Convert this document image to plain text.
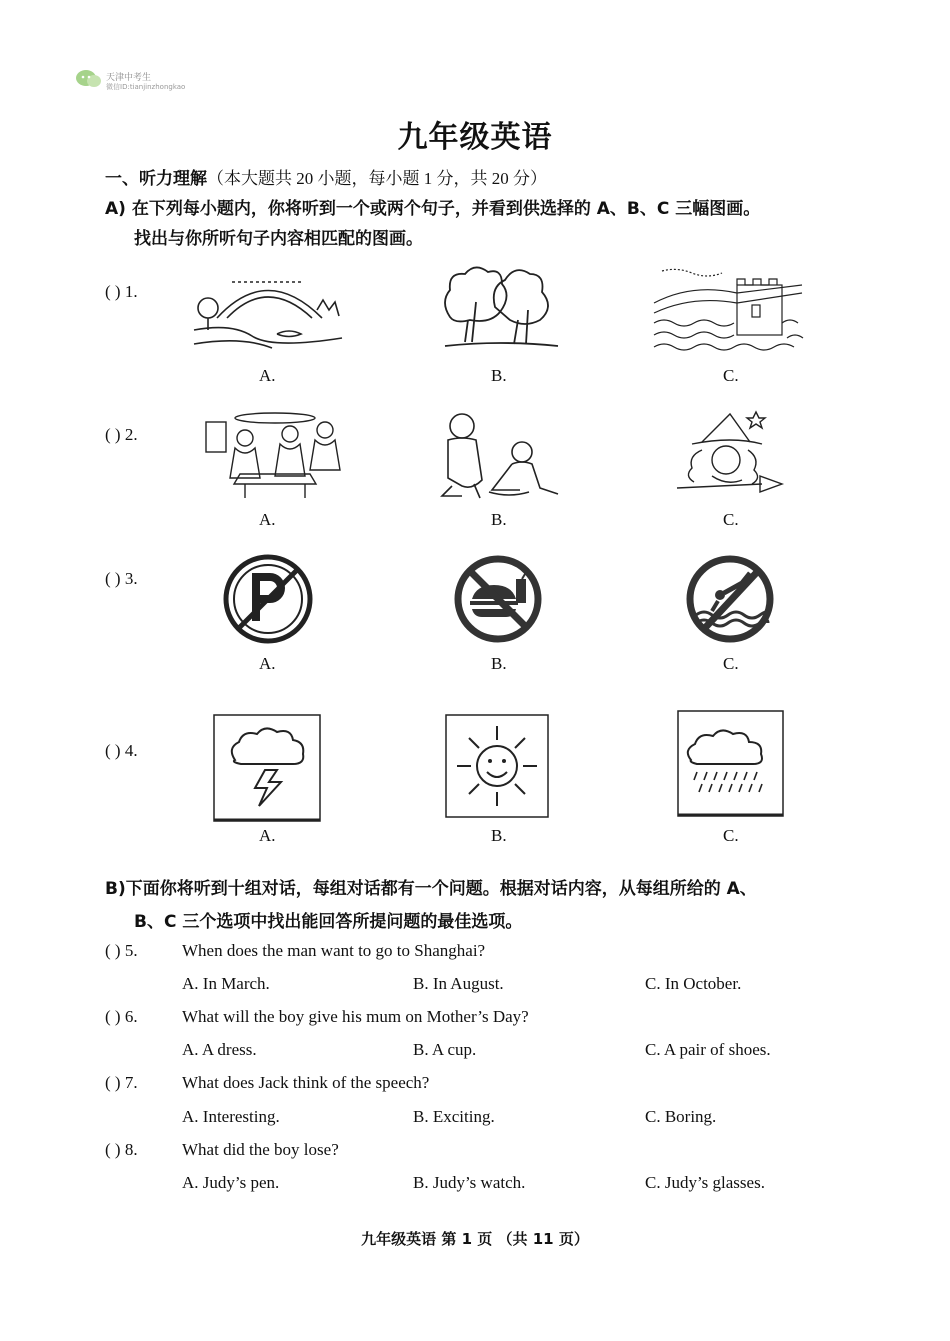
天津中考生
微信ID:tianjinzhongkao
九年级英语
一、听力理解（本大题共 20 小题，每小题 1 分，共 20 分）
A) 在下列每小题内，你将听到一个或两个句子，并看到供选择的 A、B、C 三幅图画。
找出与你所听句子内容相匹配的图画。
( ) 1.
A.	B.	C.
( ) 2.
A.	B.	C.
( ) 3.
A.	B.	C.
( ) 4.
A.	B.	C.
B)下面你将听到十组对话，每组对话都有一个问题。根据对话内容，从每组所给的 A、
B、C 三个选项中找出能回答所提问题的最佳选项。
( ) 5.	When does the man want to go to Shanghai?
A. In March.	B. In August.	C. In October.
( ) 6.	What will the boy give his mum on Mother’s Day?
A. A dress.	B. A cup.	C. A pair of shoes.
( ) 7.	What does Jack think of the speech?
A. Interesting.	B. Exciting.	C. Boring.
( ) 8.	What did the boy lose?
A. Judy’s pen.	B. Judy’s watch.	C. Judy’s glasses.
九年级英语 第 1 页 （共 11 页）
